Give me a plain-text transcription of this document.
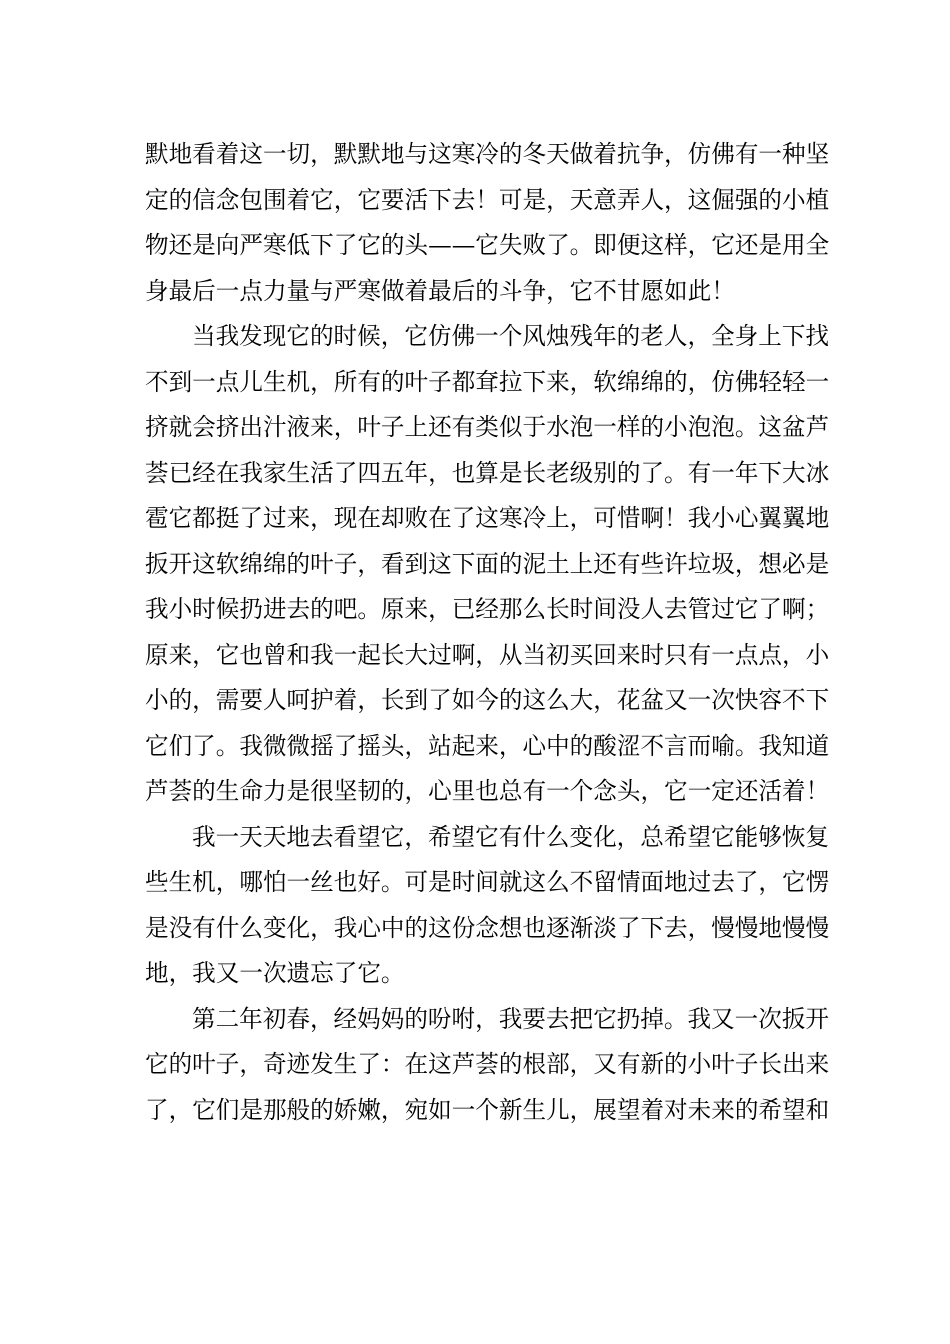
默地看着这一切，默默地与这寒冷的冬天做着抗争，仿佛有一种坚
定的信念包围着它，它要活下去！可是，天意弄人，这倔强的小植
物还是向严寒低下了它的头——它失败了。即便这样，它还是用全
身最后一点力量与严寒做着最后的斗争，它不甘愿如此！

当我发现它的时候，它仿佛一个风烛残年的老人，全身上下找
不到一点儿生机，所有的叶子都耷拉下来，软绵绵的，仿佛轻轻一
挤就会挤出汁液来，叶子上还有类似于水泡一样的小泡泡。这盆芦
荟已经在我家生活了四五年，也算是长老级别的了。有一年下大冰
雹它都挺了过来，现在却败在了这寒冷上，可惜啊！我小心翼翼地
扳开这软绵绵的叶子，看到这下面的泥土上还有些许垃圾，想必是
我小时候扔进去的吧。原来，已经那么长时间没人去管过它了啊；
原来，它也曾和我一起长大过啊，从当初买回来时只有一点点，小
小的，需要人呵护着，长到了如今的这么大，花盆又一次快容不下
它们了。我微微摇了摇头，站起来，心中的酸涩不言而喻。我知道
芦荟的生命力是很坚韧的，心里也总有一个念头，它一定还活着！

我一天天地去看望它，希望它有什么变化，总希望它能够恢复
些生机，哪怕一丝也好。可是时间就这么不留情面地过去了，它愣
是没有什么变化，我心中的这份念想也逐渐淡了下去，慢慢地慢慢
地，我又一次遗忘了它。

第二年初春，经妈妈的吩咐，我要去把它扔掉。我又一次扳开
它的叶子，奇迹发生了：在这芦荟的根部，又有新的小叶子长出来
了，它们是那般的娇嫩，宛如一个新生儿，展望着对未来的希望和
